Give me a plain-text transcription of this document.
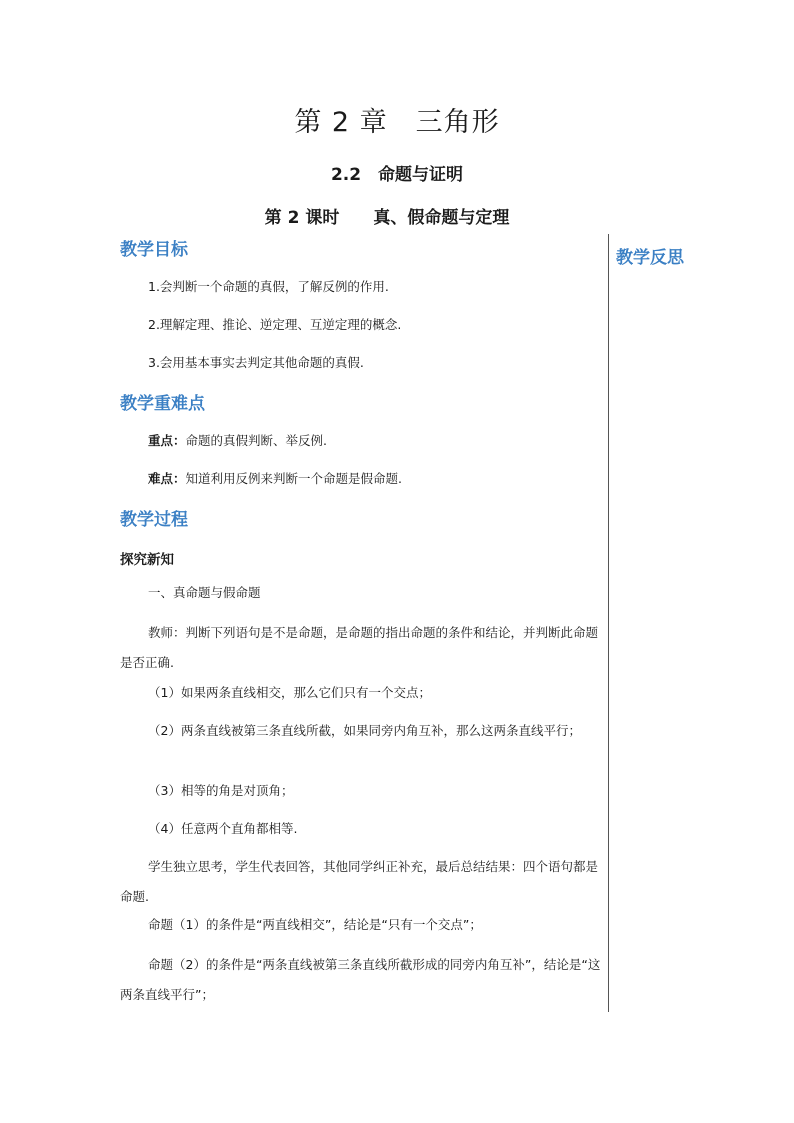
第 2 章　三角形
2.2　命题与证明
第 2 课时　　真、假命题与定理
教学反思
教学目标
1.会判断一个命题的真假，了解反例的作用.
2.理解定理、推论、逆定理、互逆定理的概念.
3.会用基本事实去判定其他命题的真假.
教学重难点
重点：命题的真假判断、举反例.
难点：知道利用反例来判断一个命题是假命题.
教学过程
探究新知
一、真命题与假命题
教师：判断下列语句是不是命题，是命题的指出命题的条件和结论，并判断此命题是否正确.
（1）如果两条直线相交，那么它们只有一个交点；
（2）两条直线被第三条直线所截，如果同旁内角互补，那么这两条直线平行；
（3）相等的角是对顶角；
（4）任意两个直角都相等.
学生独立思考，学生代表回答，其他同学纠正补充，最后总结结果：四个语句都是命题.
命题（1）的条件是“两直线相交”，结论是“只有一个交点”；
命题（2）的条件是“两条直线被第三条直线所截形成的同旁内角互补”，结论是“这两条直线平行”；
